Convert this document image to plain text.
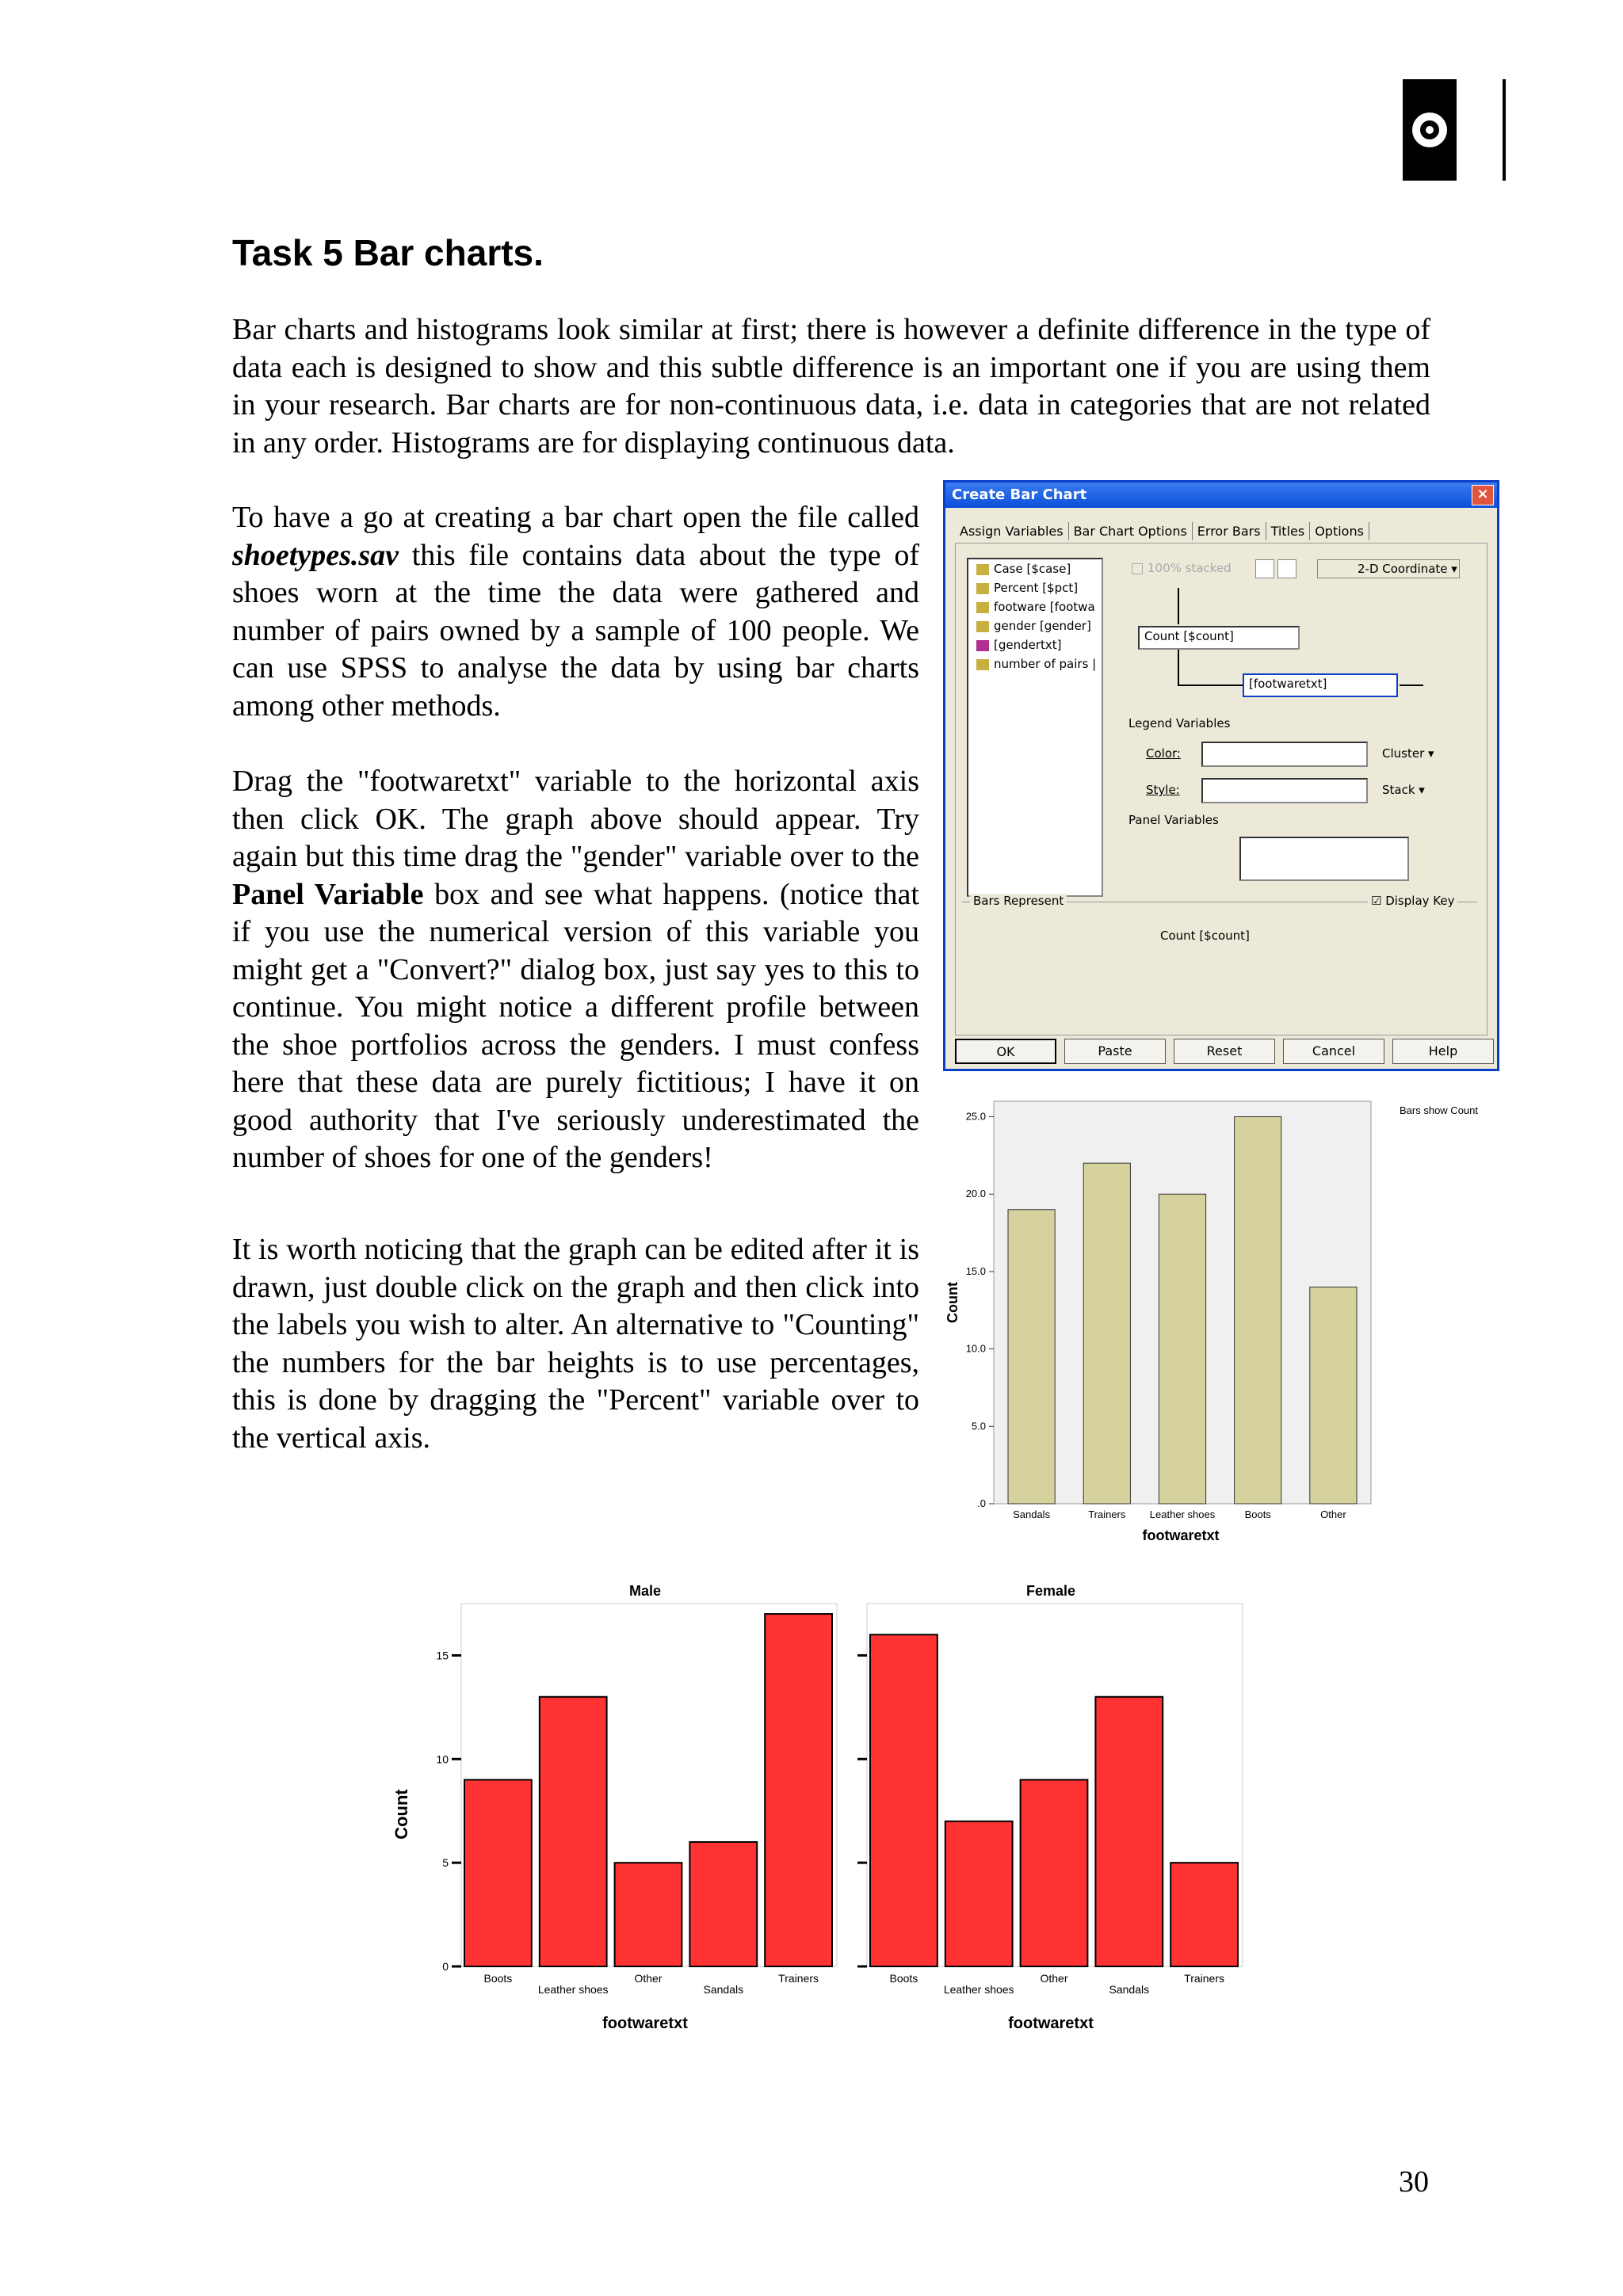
Task 5 Bar charts.
Bar charts and histograms look similar at first; there is however a definite difference in the type of data each is designed to show and this subtle difference is an important one if you are using them in your research. Bar charts are for non-continuous data, i.e. data in categories that are not related in any order. Histograms are for displaying continuous data.
To have a go at creating a bar chart open the file called shoetypes.sav this file contains data about the type of shoes worn at the time the data were gathered and number of pairs owned by a sample of 100 people. We can use SPSS to analyse the data by using bar charts among other methods.
Drag the "footwaretxt" variable to the horizontal axis then click OK. The graph above should appear. Try again but this time drag the "gender" variable over to the Panel Variable box and see what happens. (notice that if you use the numerical version of this variable you might get a "Convert?" dialog box, just say yes to this to continue. You might notice a different profile between the shoe portfolios across the genders. I must confess here that these data are purely fictitious; I have it on good authority that I've seriously underestimated the number of shoes for one of the genders!
It is worth noticing that the graph can be edited after it is drawn, just double click on the graph and then click into the labels you wish to alter. An alternative to "Counting" the numbers for the bar heights is to use percentages, this is done by dragging the "Percent" variable over to the vertical axis.
30
Create Bar Chart	×
Assign Variables Bar Chart Options Error Bars Titles Options
Case [$case]
Percent [$pct]
footware [footwa
gender [gender]
[gendertxt]
number of pairs |
100% stacked	2-D Coordinate ▾
Count [$count]
[footwaretxt]
Legend Variables
Color:	Cluster ▾
Style:	Stack ▾
Panel Variables
Bars Represent	☑ Display Key
Count [$count]
OK	Paste	Reset	Cancel	Help
Bars show Count
Count
footwaretxt
25.0
20.0
15.0
10.0
5.0
.0
Sandals	Trainers Leather shoes	Boots	Other
Count
Male	Female
footwaretxt	footwaretxt
15
10
5
0
Boots
Leather shoes
Other
Sandals
Trainers	Boots
Leather shoes
Other
Sandals
Trainers
